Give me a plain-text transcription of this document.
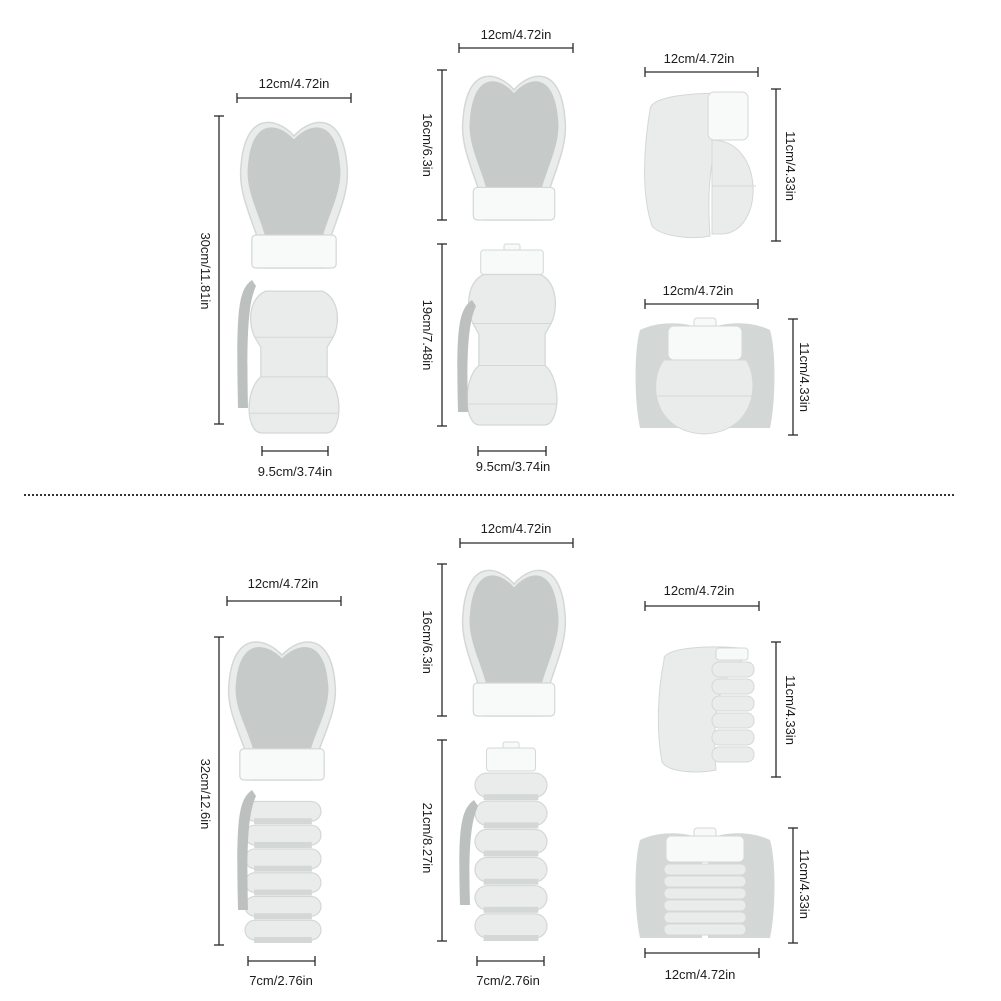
12cm/4.72in
30cm/11.81in
9.5cm/3.74in
12cm/4.72in
16cm/6.3in
19cm/7.48in
9.5cm/3.74in
12cm/4.72in
11cm/4.33in
12cm/4.72in
11cm/4.33in
12cm/4.72in
32cm/12.6in
7cm/2.76in
12cm/4.72in
16cm/6.3in
21cm/8.27in
7cm/2.76in
12cm/4.72in
11cm/4.33in
11cm/4.33in
12cm/4.72in
